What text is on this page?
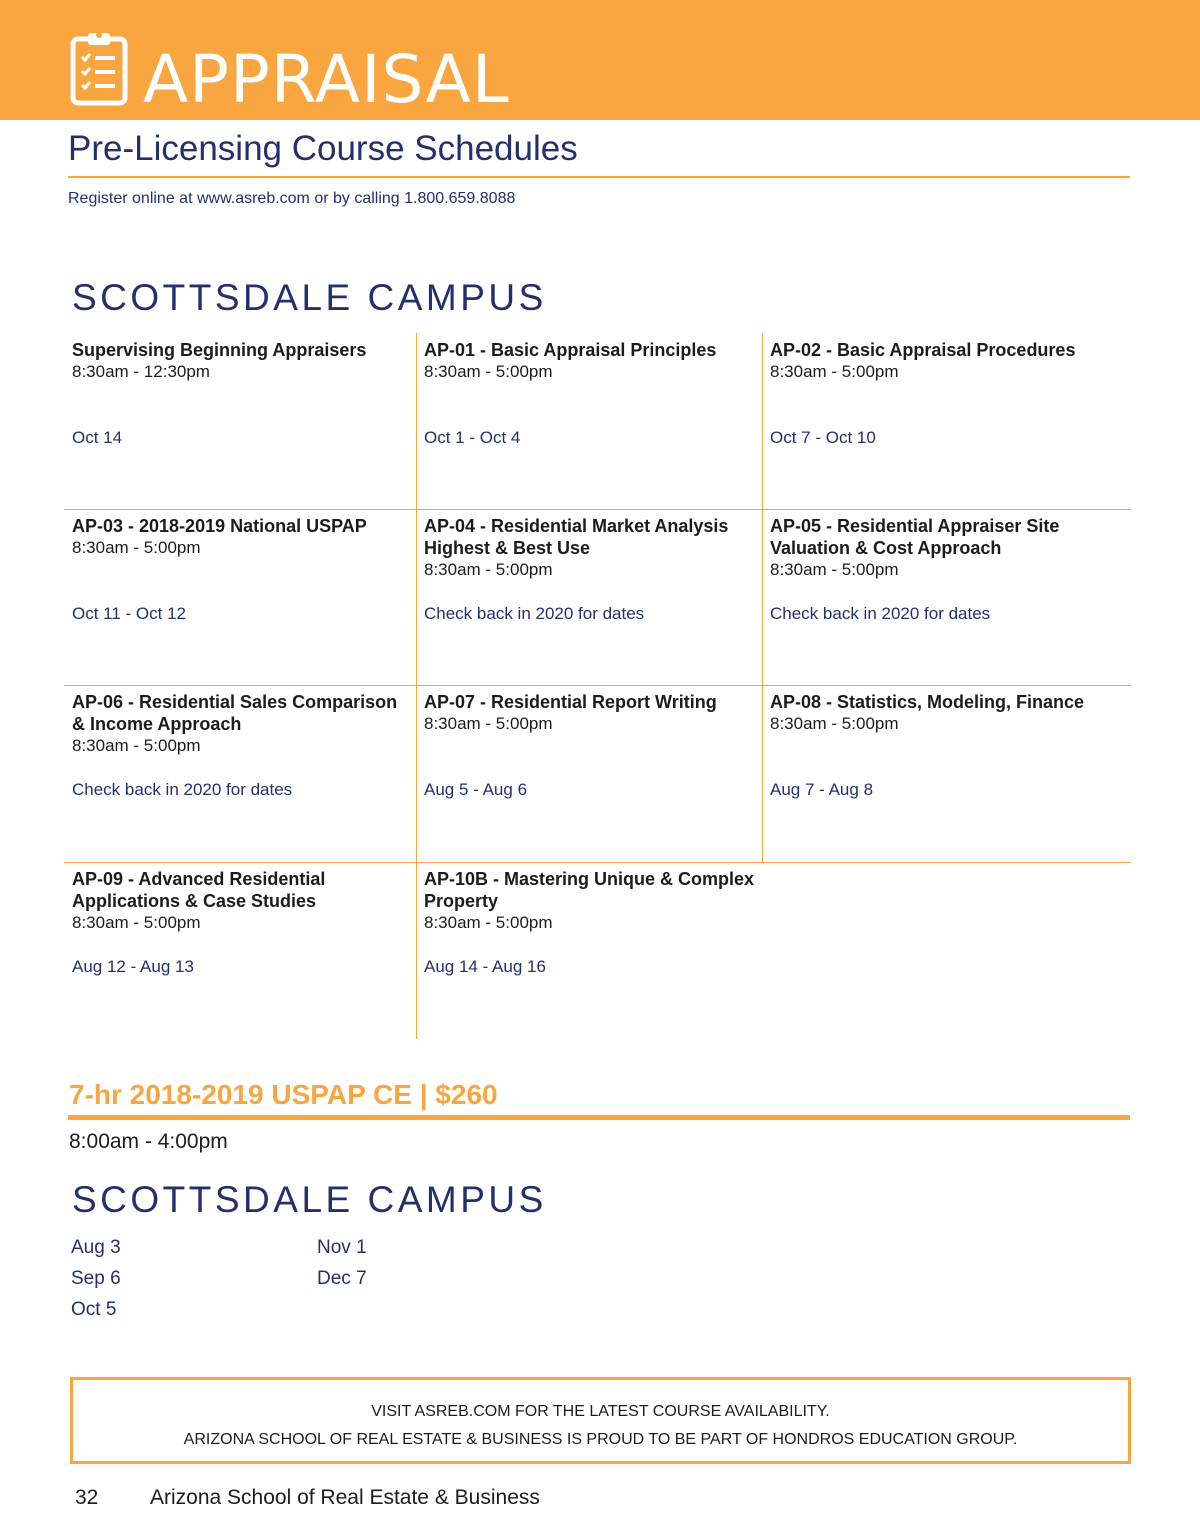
APPRAISAL
Pre-Licensing Course Schedules
Register online at www.asreb.com or by calling 1.800.659.8088
SCOTTSDALE CAMPUS
Supervising Beginning Appraisers
8:30am - 12:30pm
Oct 14
AP-01 - Basic Appraisal Principles
8:30am - 5:00pm
Oct 1 - Oct 4
AP-02 - Basic Appraisal Procedures
8:30am - 5:00pm
Oct 7 - Oct 10
AP-03 - 2018-2019 National USPAP
8:30am - 5:00pm
Oct 11 - Oct 12
AP-04 - Residential Market Analysis Highest & Best Use
8:30am - 5:00pm
Check back in 2020 for dates
AP-05 - Residential Appraiser Site Valuation & Cost Approach
8:30am - 5:00pm
Check back in 2020 for dates
AP-06 - Residential Sales Comparison & Income Approach
8:30am - 5:00pm
Check back in 2020 for dates
AP-07 - Residential Report Writing
8:30am - 5:00pm
Aug 5 - Aug 6
AP-08 - Statistics, Modeling, Finance
8:30am - 5:00pm
Aug 7 - Aug 8
AP-09 - Advanced Residential Applications & Case Studies
8:30am - 5:00pm
Aug 12 - Aug 13
AP-10B - Mastering Unique & Complex Property
8:30am - 5:00pm
Aug 14 - Aug 16
7-hr 2018-2019 USPAP CE | $260
8:00am - 4:00pm
SCOTTSDALE CAMPUS
Aug 3
Sep 6
Oct 5
Nov 1
Dec 7
VISIT ASREB.COM FOR THE LATEST COURSE AVAILABILITY.
ARIZONA SCHOOL OF REAL ESTATE & BUSINESS IS PROUD TO BE PART OF HONDROS EDUCATION GROUP.
32 Arizona School of Real Estate & Business
